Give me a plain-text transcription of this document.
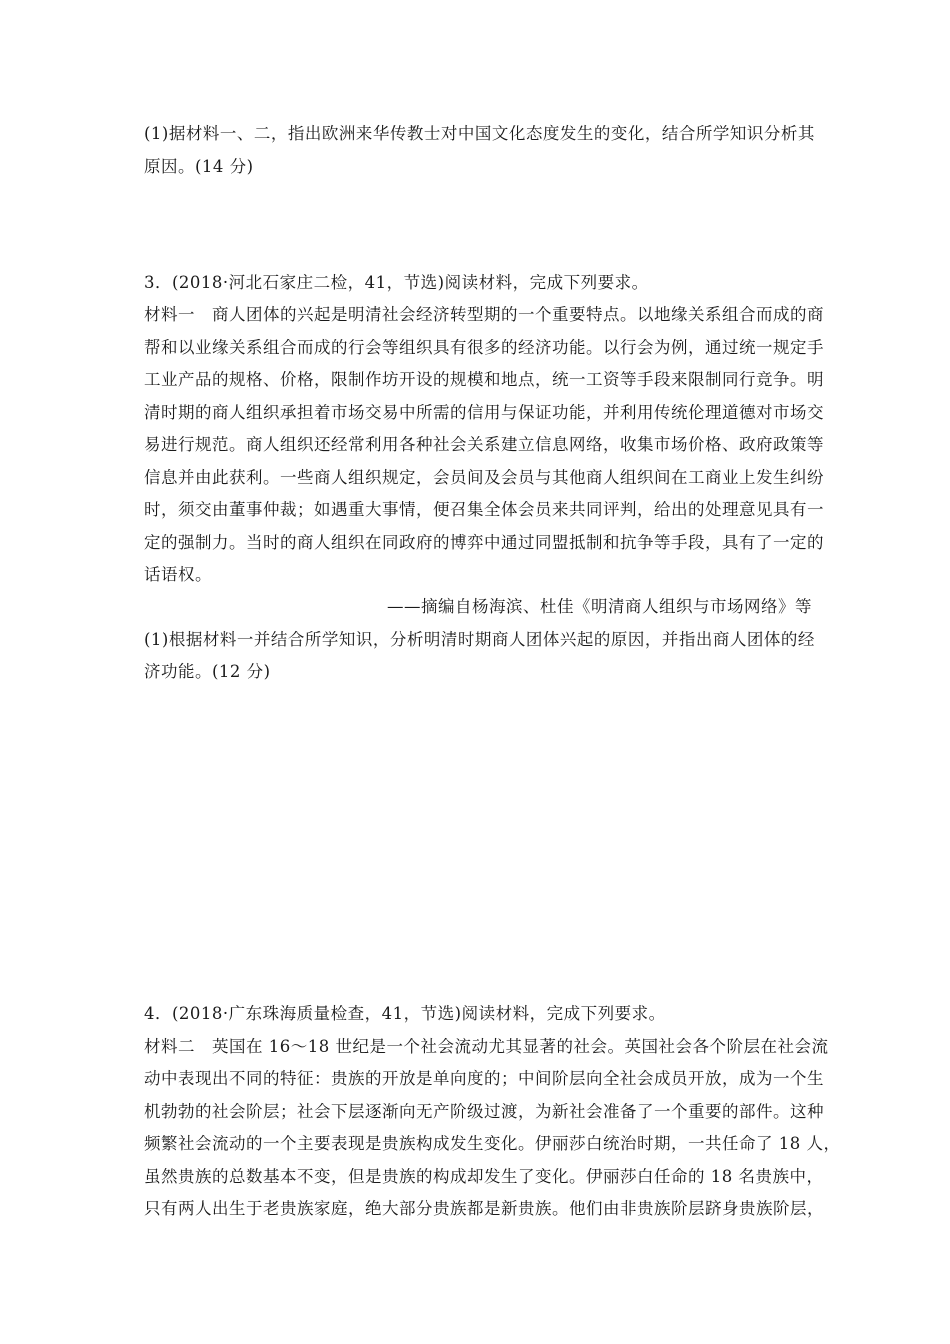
(1)据材料一、二，指出欧洲来华传教士对中国文化态度发生的变化，结合所学知识分析其
原因。(14 分)
3．(2018·河北石家庄二检，41，节选)阅读材料，完成下列要求。
材料一　商人团体的兴起是明清社会经济转型期的一个重要特点。以地缘关系组合而成的商
帮和以业缘关系组合而成的行会等组织具有很多的经济功能。以行会为例，通过统一规定手
工业产品的规格、价格，限制作坊开设的规模和地点，统一工资等手段来限制同行竞争。明
清时期的商人组织承担着市场交易中所需的信用与保证功能，并利用传统伦理道德对市场交
易进行规范。商人组织还经常利用各种社会关系建立信息网络，收集市场价格、政府政策等
信息并由此获利。一些商人组织规定，会员间及会员与其他商人组织间在工商业上发生纠纷
时，须交由董事仲裁；如遇重大事情，便召集全体会员来共同评判，给出的处理意见具有一
定的强制力。当时的商人组织在同政府的博弈中通过同盟抵制和抗争等手段，具有了一定的
话语权。
——摘编自杨海滨、杜佳《明清商人组织与市场网络》等
(1)根据材料一并结合所学知识，分析明清时期商人团体兴起的原因，并指出商人团体的经
济功能。(12 分)
4．(2018·广东珠海质量检查，41，节选)阅读材料，完成下列要求。
材料二　英国在 16～18 世纪是一个社会流动尤其显著的社会。英国社会各个阶层在社会流
动中表现出不同的特征：贵族的开放是单向度的；中间阶层向全社会成员开放，成为一个生
机勃勃的社会阶层；社会下层逐渐向无产阶级过渡，为新社会准备了一个重要的部件。这种
频繁社会流动的一个主要表现是贵族构成发生变化。伊丽莎白统治时期，一共任命了 18 人，
虽然贵族的总数基本不变，但是贵族的构成却发生了变化。伊丽莎白任命的 18 名贵族中，
只有两人出生于老贵族家庭，绝大部分贵族都是新贵族。他们由非贵族阶层跻身贵族阶层，
